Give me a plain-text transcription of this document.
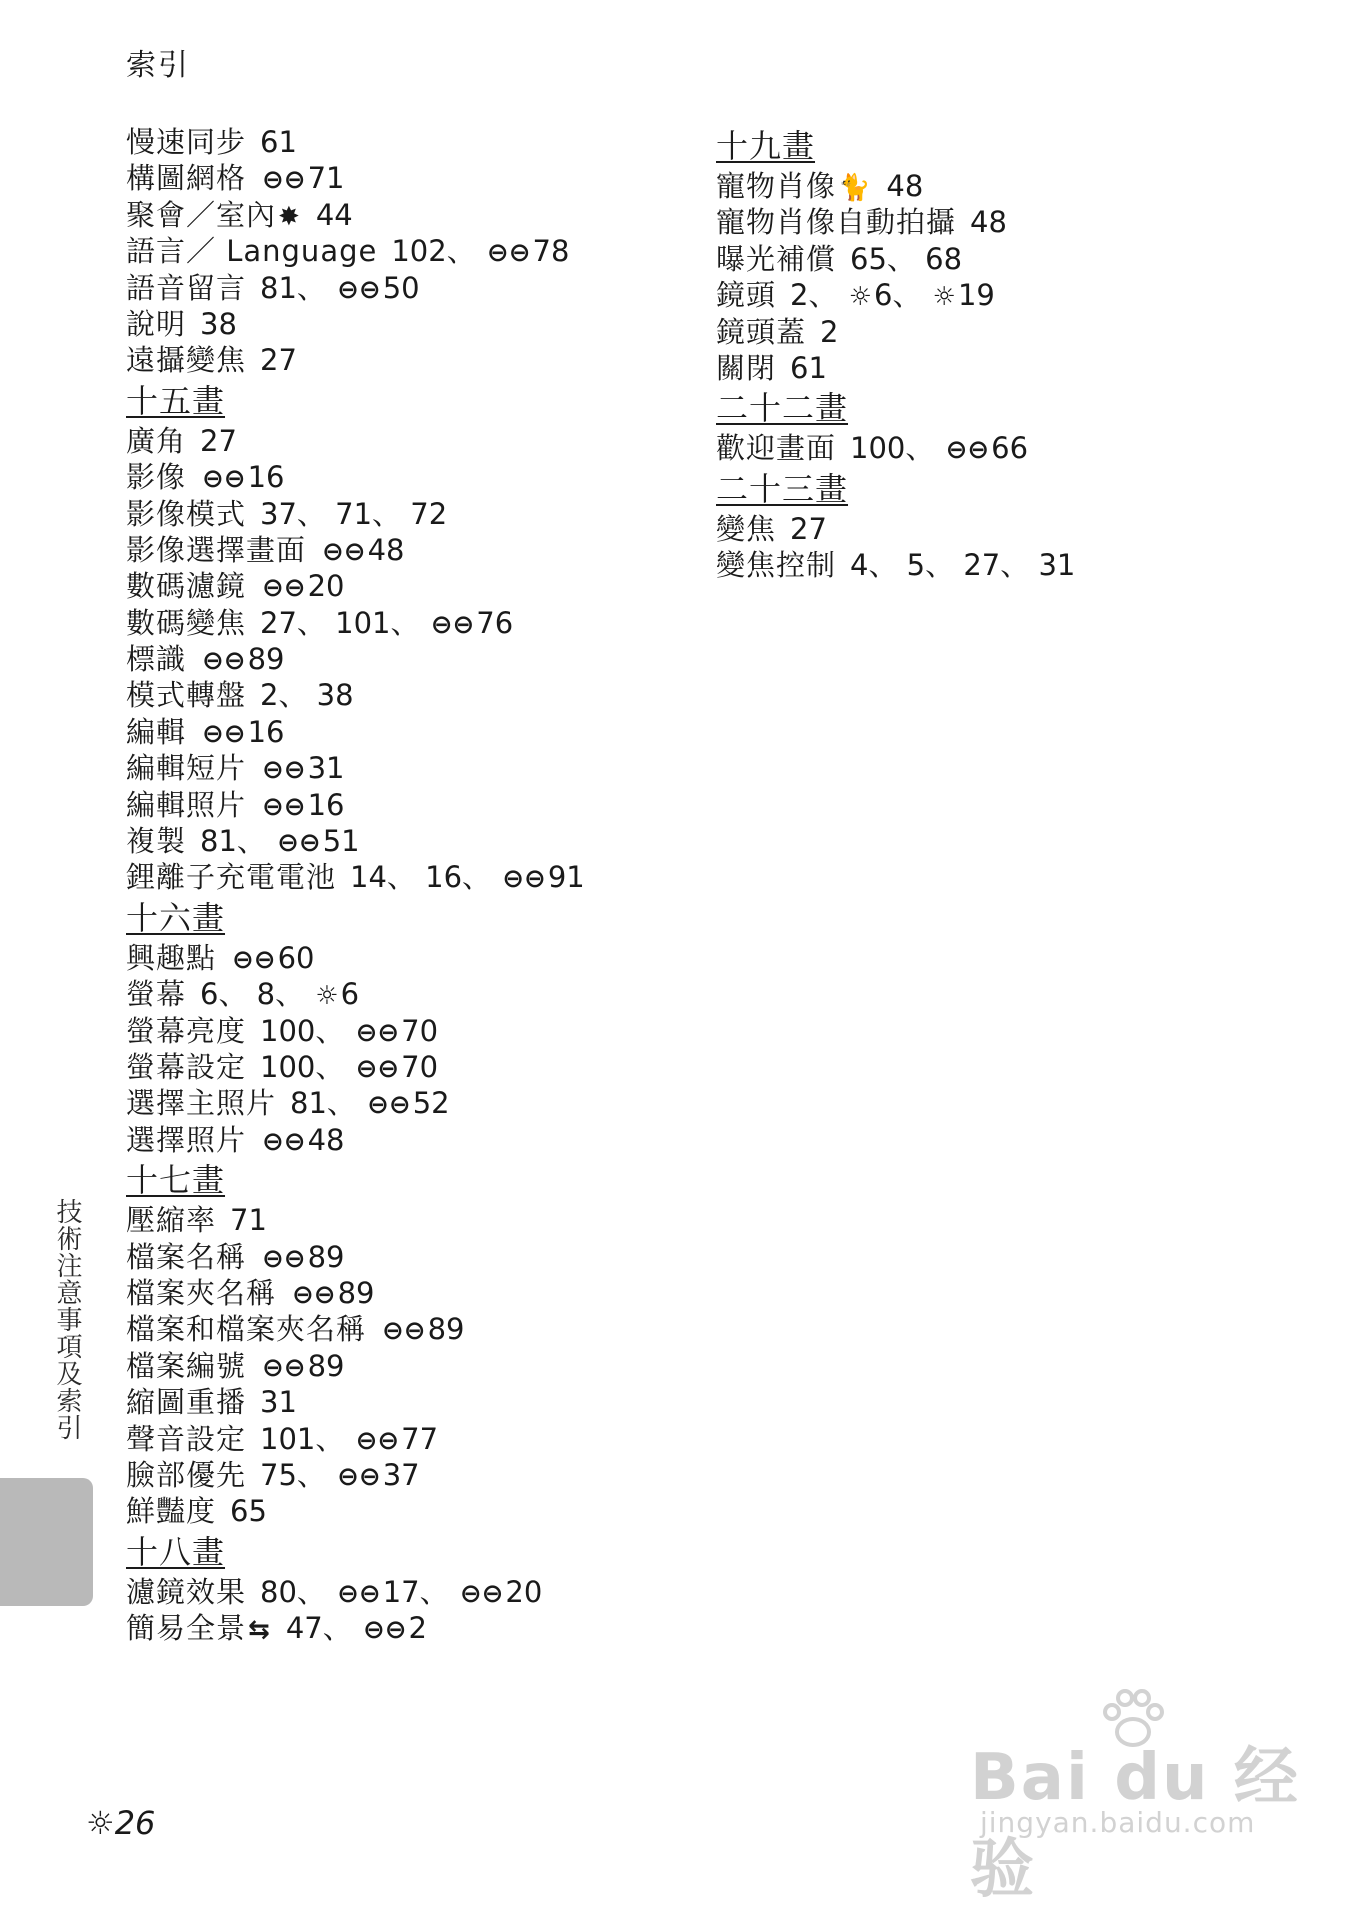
索引
慢速同步 61
構圖網格 ⊖⊖71
聚會／室內✸ 44
語言／ Language 102、 ⊖⊖78
語音留言 81、 ⊖⊖50
說明 38
遠攝變焦 27
十五畫
廣角 27
影像 ⊖⊖16
影像模式 37、 71、 72
影像選擇畫面 ⊖⊖48
數碼濾鏡 ⊖⊖20
數碼變焦 27、 101、 ⊖⊖76
標識 ⊖⊖89
模式轉盤 2、 38
編輯 ⊖⊖16
編輯短片 ⊖⊖31
編輯照片 ⊖⊖16
複製 81、 ⊖⊖51
鋰離子充電電池 14、 16、 ⊖⊖91
十六畫
興趣點 ⊖⊖60
螢幕 6、 8、 ☼6
螢幕亮度 100、 ⊖⊖70
螢幕設定 100、 ⊖⊖70
選擇主照片 81、 ⊖⊖52
選擇照片 ⊖⊖48
十七畫
壓縮率 71
檔案名稱 ⊖⊖89
檔案夾名稱 ⊖⊖89
檔案和檔案夾名稱 ⊖⊖89
檔案編號 ⊖⊖89
縮圖重播 31
聲音設定 101、 ⊖⊖77
臉部優先 75、 ⊖⊖37
鮮豔度 65
十八畫
濾鏡效果 80、 ⊖⊖17、 ⊖⊖20
簡易全景⇆ 47、 ⊖⊖2
十九畫
寵物肖像🐈 48
寵物肖像自動拍攝 48
曝光補償 65、 68
鏡頭 2、 ☼6、 ☼19
鏡頭蓋 2
關閉 61
二十二畫
歡迎畫面 100、 ⊖⊖66
二十三畫
變焦 27
變焦控制 4、 5、 27、 31
技術注意事項及索引
☼26
Bai du 经验
jingyan.baidu.com
